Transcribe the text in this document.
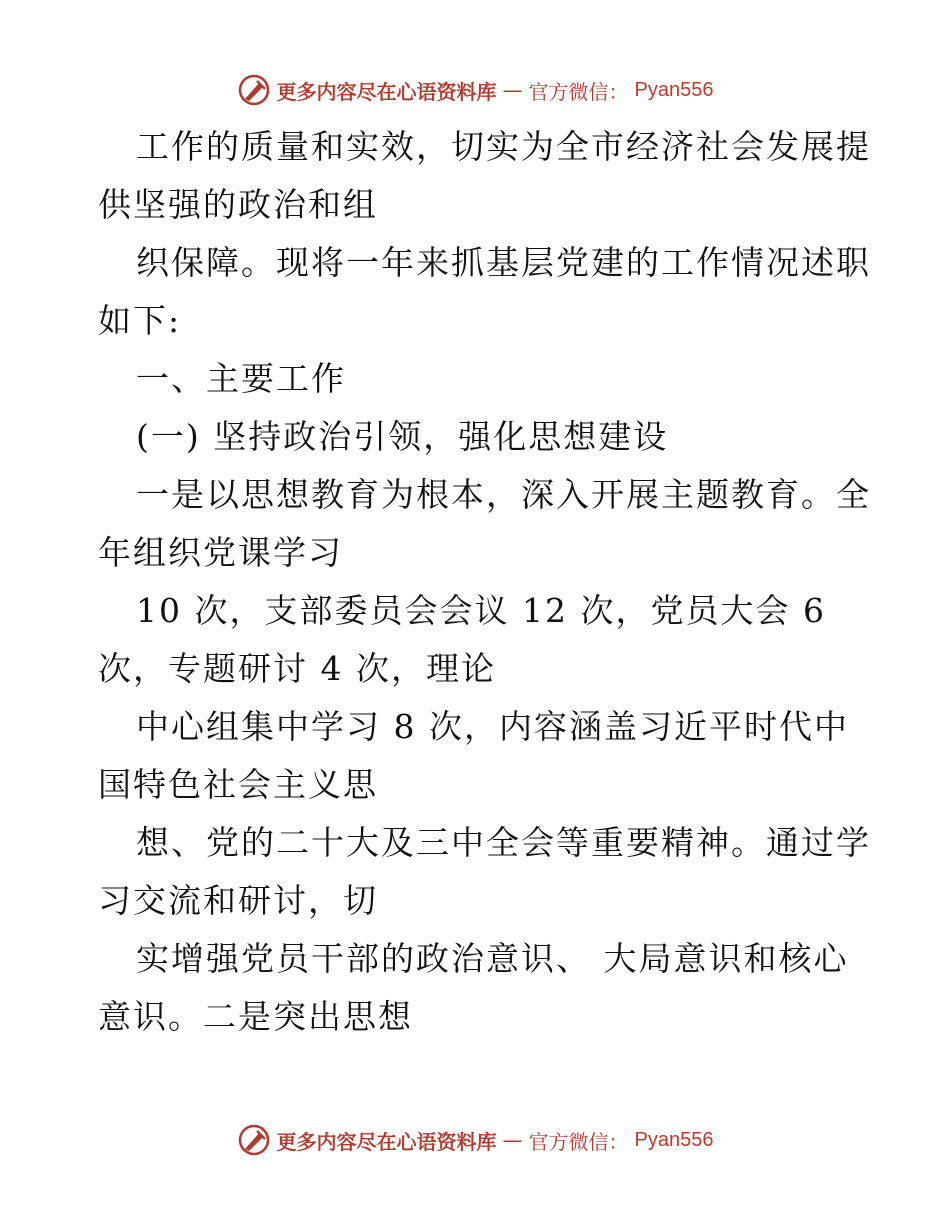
更多内容尽在心语资料库 — 官方微信： Pyan556

工作的质量和实效，切实为全市经济社会发展提

供坚强的政治和组

织保障。现将一年来抓基层党建的工作情况述职

如下:

一、主要工作

(一) 坚持政治引领，强化思想建设

一是以思想教育为根本，深入开展主题教育。全

年组织党课学习

10 次，支部委员会会议 12 次，党员大会 6

次，专题研讨 4 次，理论

中心组集中学习 8 次，内容涵盖习近平时代中

国特色社会主义思

想、党的二十大及三中全会等重要精神。通过学

习交流和研讨，切

实增强党员干部的政治意识、 大局意识和核心

意识。二是突出思想

更多内容尽在心语资料库 — 官方微信： Pyan556
